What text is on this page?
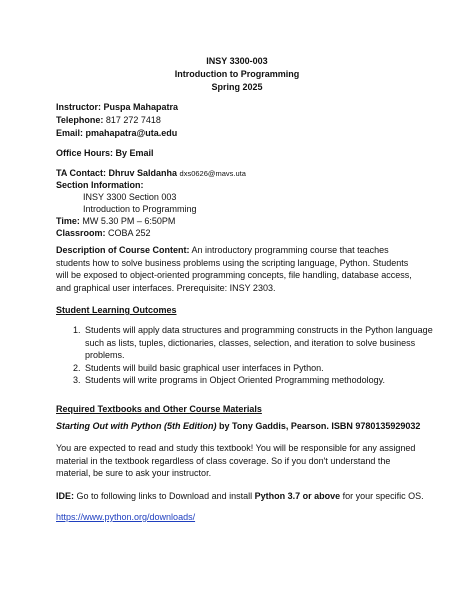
INSY 3300-003
Introduction to Programming
Spring 2025
Instructor: Puspa Mahapatra
Telephone: 817 272 7418
Email: pmahapatra@uta.edu
Office Hours: By Email
TA Contact: Dhruv Saldanha dxs0626@mavs.uta
Section Information:
INSY 3300 Section 003
Introduction to Programming
Time: MW 5.30 PM – 6:50PM
Classroom: COBA 252
Description of Course Content: An introductory programming course that teaches students how to solve business problems using the scripting language, Python. Students will be exposed to object-oriented programming concepts, file handling, database access, and graphical user interfaces. Prerequisite: INSY 2303.
Student Learning Outcomes
1. Students will apply data structures and programming constructs in the Python language such as lists, tuples, dictionaries, classes, selection, and iteration to solve business problems.
2. Students will build basic graphical user interfaces in Python.
3. Students will write programs in Object Oriented Programming methodology.
Required Textbooks and Other Course Materials
Starting Out with Python (5th Edition) by Tony Gaddis, Pearson. ISBN 9780135929032
You are expected to read and study this textbook! You will be responsible for any assigned material in the textbook regardless of class coverage. So if you don't understand the material, be sure to ask your instructor.
IDE: Go to following links to Download and install Python 3.7 or above for your specific OS.
https://www.python.org/downloads/
